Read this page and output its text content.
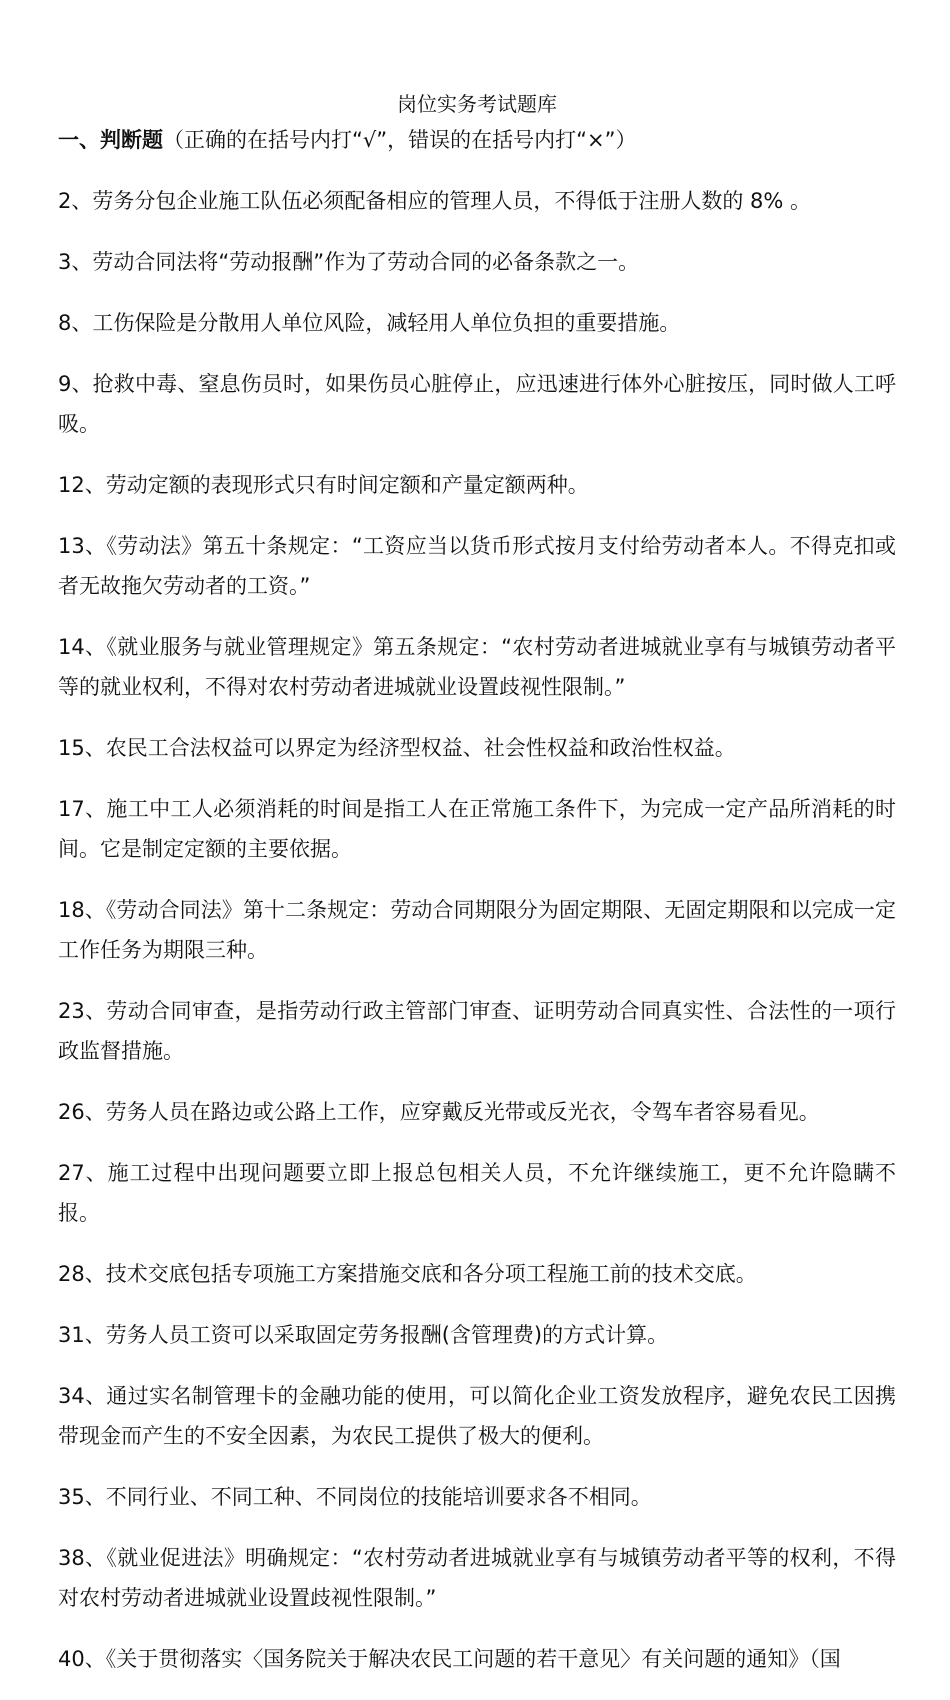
岗位实务考试题库
一、判断题（正确的在括号内打“√”，错误的在括号内打“×”）

2、劳务分包企业施工队伍必须配备相应的管理人员，不得低于注册人数的 8% 。

3、劳动合同法将“劳动报酬”作为了劳动合同的必备条款之一。

8、工伤保险是分散用人单位风险，减轻用人单位负担的重要措施。

9、抢救中毒、窒息伤员时，如果伤员心脏停止，应迅速进行体外心脏按压，同时做人工呼吸。

12、劳动定额的表现形式只有时间定额和产量定额两种。

13、《劳动法》第五十条规定：“工资应当以货币形式按月支付给劳动者本人。不得克扣或者无故拖欠劳动者的工资。”

14、《就业服务与就业管理规定》第五条规定：“农村劳动者进城就业享有与城镇劳动者平等的就业权利，不得对农村劳动者进城就业设置歧视性限制。”

15、农民工合法权益可以界定为经济型权益、社会性权益和政治性权益。

17、施工中工人必须消耗的时间是指工人在正常施工条件下，为完成一定产品所消耗的时间。它是制定定额的主要依据。

18、《劳动合同法》第十二条规定：劳动合同期限分为固定期限、无固定期限和以完成一定工作任务为期限三种。

23、劳动合同审查，是指劳动行政主管部门审查、证明劳动合同真实性、合法性的一项行政监督措施。

26、劳务人员在路边或公路上工作，应穿戴反光带或反光衣，令驾车者容易看见。

27、施工过程中出现问题要立即上报总包相关人员，不允许继续施工，更不允许隐瞒不报。

28、技术交底包括专项施工方案措施交底和各分项工程施工前的技术交底。

31、劳务人员工资可以采取固定劳务报酬(含管理费)的方式计算。

34、通过实名制管理卡的金融功能的使用，可以简化企业工资发放程序，避免农民工因携带现金而产生的不安全因素，为农民工提供了极大的便利。

35、不同行业、不同工种、不同岗位的技能培训要求各不相同。

38、《就业促进法》明确规定：“农村劳动者进城就业享有与城镇劳动者平等的权利，不得对农村劳动者进城就业设置歧视性限制。”

40、《关于贯彻落实〈国务院关于解决农民工问题的若干意见〉有关问题的通知》（国
